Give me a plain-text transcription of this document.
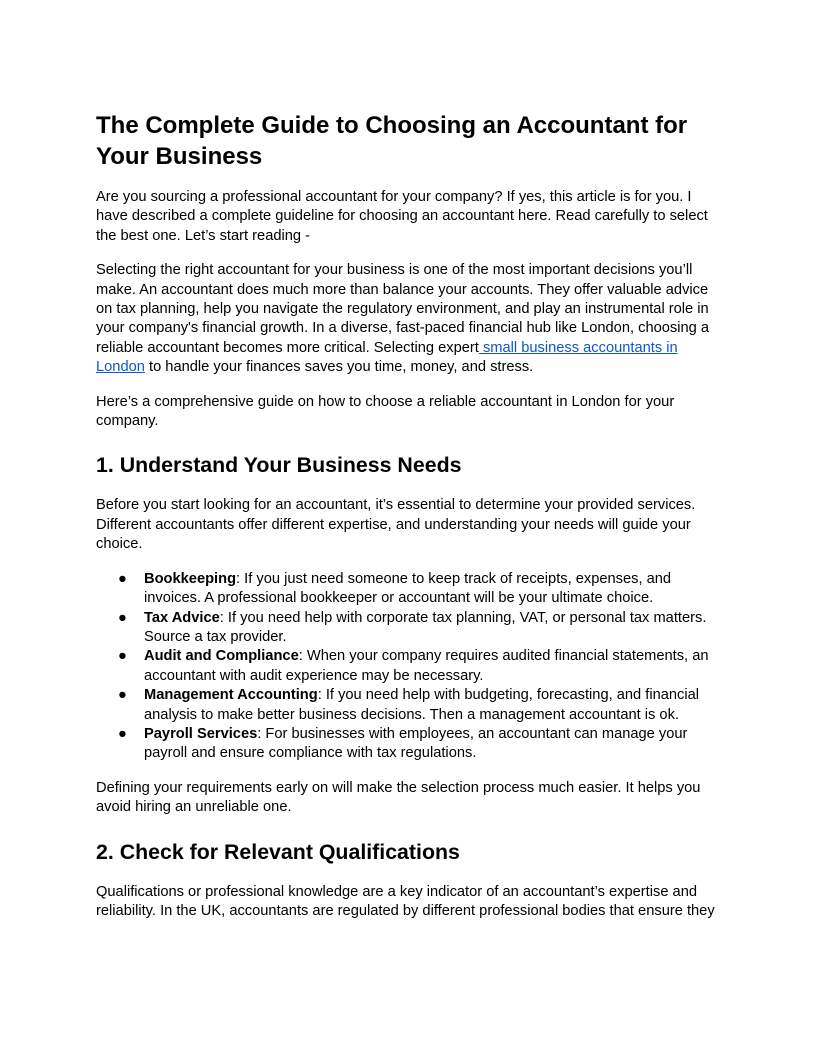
The Complete Guide to Choosing an Accountant for Your Business

Are you sourcing a professional accountant for your company? If yes, this article is for you. I have described a complete guideline for choosing an accountant here. Read carefully to select the best one. Let’s start reading -

Selecting the right accountant for your business is one of the most important decisions you’ll make. An accountant does much more than balance your accounts. They offer valuable advice on tax planning, help you navigate the regulatory environment, and play an instrumental role in your company's financial growth. In a diverse, fast-paced financial hub like London, choosing a reliable accountant becomes more critical. Selecting expert small business accountants in London to handle your finances saves you time, money, and stress.

Here’s a comprehensive guide on how to choose a reliable accountant in London for your company.

1. Understand Your Business Needs

Before you start looking for an accountant, it’s essential to determine your provided services. Different accountants offer different expertise, and understanding your needs will guide your choice.

● Bookkeeping: If you just need someone to keep track of receipts, expenses, and invoices. A professional bookkeeper or accountant will be your ultimate choice.
● Tax Advice: If you need help with corporate tax planning, VAT, or personal tax matters. Source a tax provider.
● Audit and Compliance: When your company requires audited financial statements, an accountant with audit experience may be necessary.
● Management Accounting: If you need help with budgeting, forecasting, and financial analysis to make better business decisions. Then a management accountant is ok.
● Payroll Services: For businesses with employees, an accountant can manage your payroll and ensure compliance with tax regulations.

Defining your requirements early on will make the selection process much easier. It helps you avoid hiring an unreliable one.

2. Check for Relevant Qualifications

Qualifications or professional knowledge are a key indicator of an accountant’s expertise and reliability. In the UK, accountants are regulated by different professional bodies that ensure they
